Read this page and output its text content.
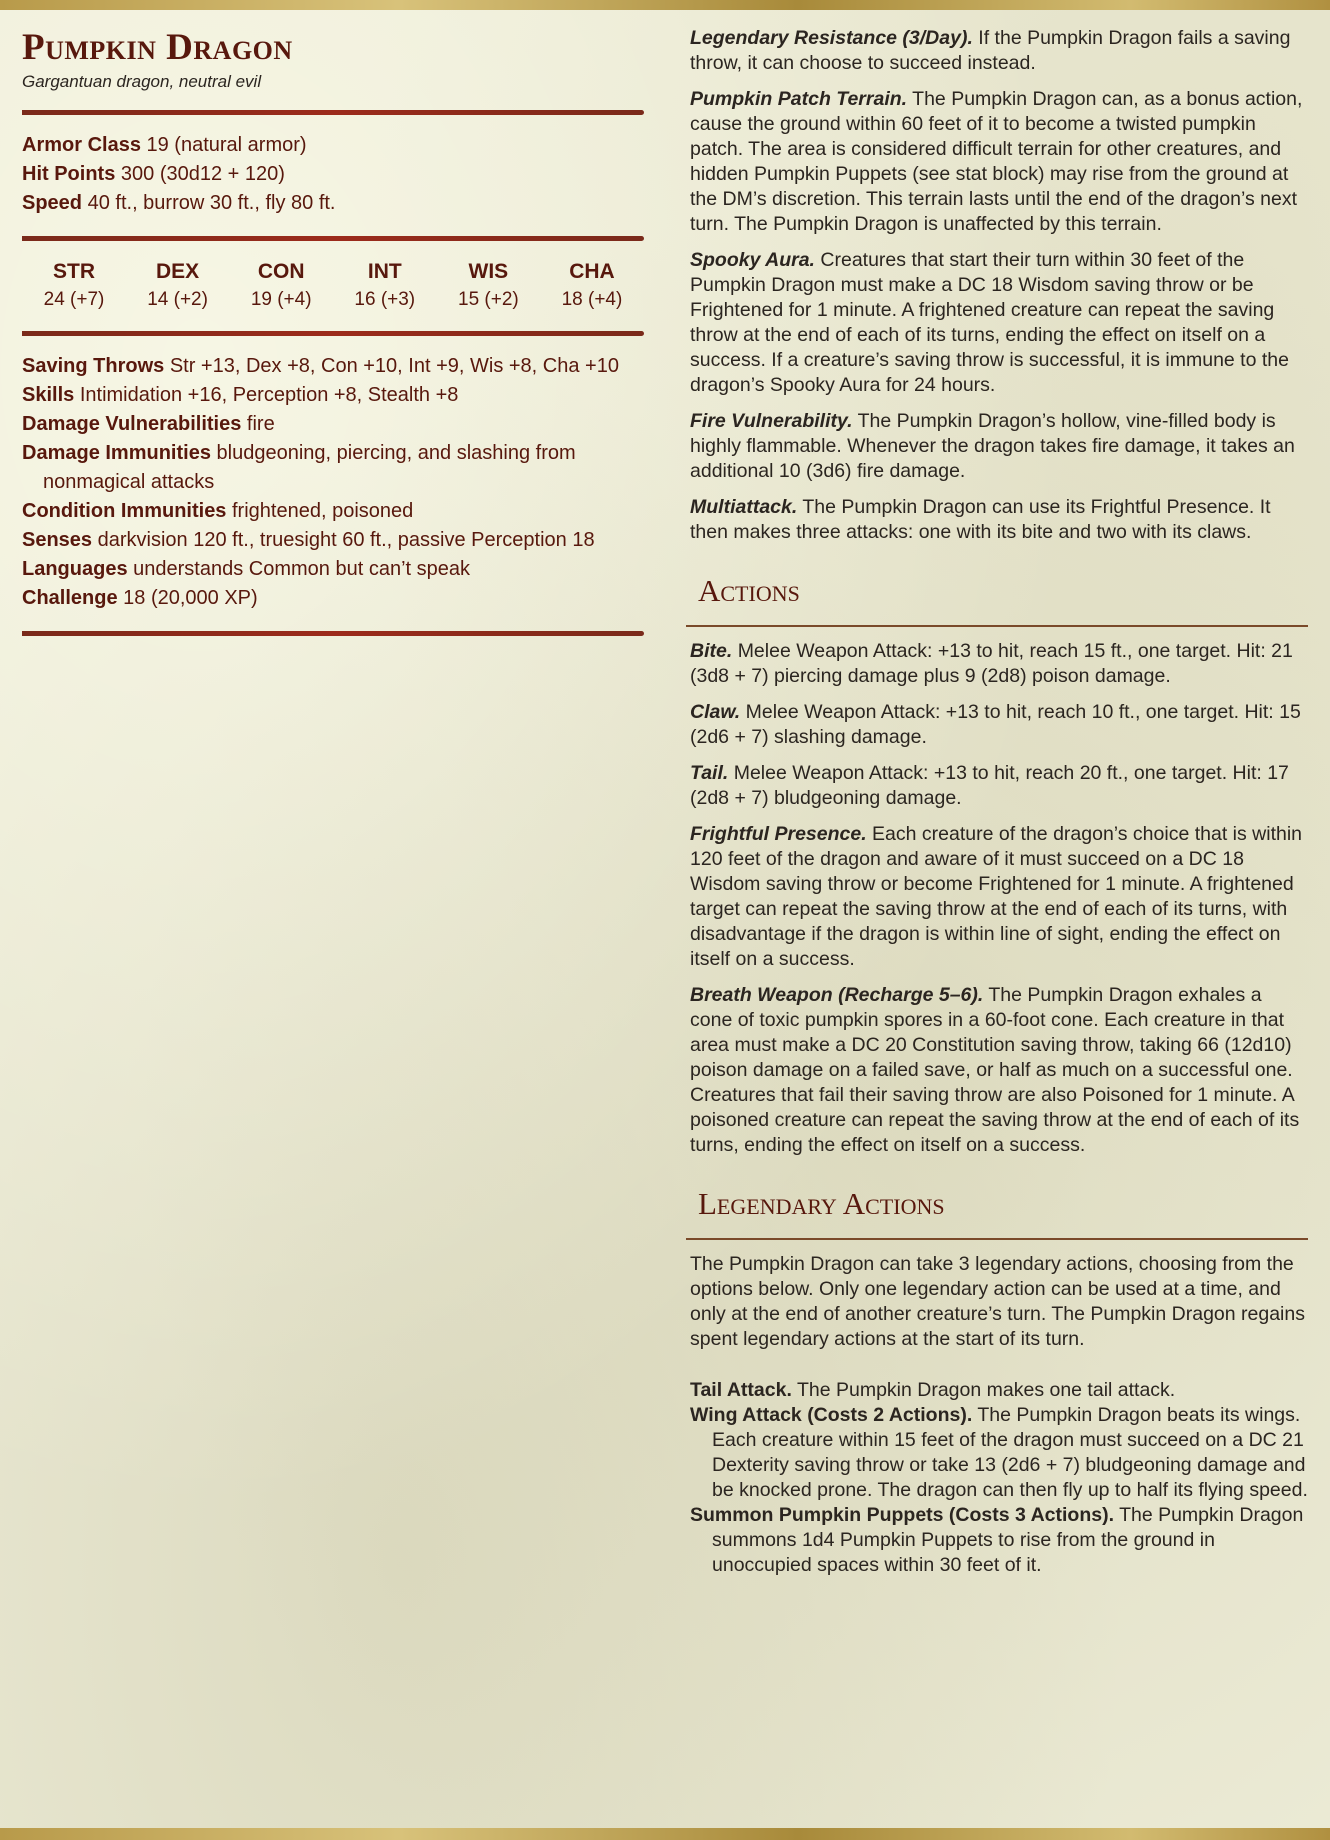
Pumpkin Dragon

Gargantuan dragon, neutral evil

Armor Class 19 (natural armor)
Hit Points 300 (30d12 + 120)
Speed 40 ft., burrow 30 ft., fly 80 ft.
STR
24 (+7)
DEX
14 (+2)
CON
19 (+4)
INT
16 (+3)
WIS
15 (+2)
CHA
18 (+4)
Saving Throws Str +13, Dex +8, Con +10, Int +9, Wis +8, Cha +10
Skills Intimidation +16, Perception +8, Stealth +8
Damage Vulnerabilities fire
Damage Immunities bludgeoning, piercing, and slashing from nonmagical attacks
Condition Immunities frightened, poisoned
Senses darkvision 120 ft., truesight 60 ft., passive Perception 18
Languages understands Common but can’t speak
Challenge 18 (20,000 XP)

Legendary Resistance (3/Day). If the Pumpkin Dragon fails a saving throw, it can choose to succeed instead.

Pumpkin Patch Terrain. The Pumpkin Dragon can, as a bonus action, cause the ground within 60 feet of it to become a twisted pumpkin patch. The area is considered difficult terrain for other creatures, and hidden Pumpkin Puppets (see stat block) may rise from the ground at the DM’s discretion. This terrain lasts until the end of the dragon’s next turn. The Pumpkin Dragon is unaffected by this terrain.

Spooky Aura. Creatures that start their turn within 30 feet of the Pumpkin Dragon must make a DC 18 Wisdom saving throw or be Frightened for 1 minute. A frightened creature can repeat the saving throw at the end of each of its turns, ending the effect on itself on a success. If a creature’s saving throw is successful, it is immune to the dragon’s Spooky Aura for 24 hours.

Fire Vulnerability. The Pumpkin Dragon’s hollow, vine-filled body is highly flammable. Whenever the dragon takes fire damage, it takes an additional 10 (3d6) fire damage.

Multiattack. The Pumpkin Dragon can use its Frightful Presence. It then makes three attacks: one with its bite and two with its claws.

Actions

Bite. Melee Weapon Attack: +13 to hit, reach 15 ft., one target. Hit: 21 (3d8 + 7) piercing damage plus 9 (2d8) poison damage.

Claw. Melee Weapon Attack: +13 to hit, reach 10 ft., one target. Hit: 15 (2d6 + 7) slashing damage.

Tail. Melee Weapon Attack: +13 to hit, reach 20 ft., one target. Hit: 17 (2d8 + 7) bludgeoning damage.

Frightful Presence. Each creature of the dragon’s choice that is within 120 feet of the dragon and aware of it must succeed on a DC 18 Wisdom saving throw or become Frightened for 1 minute. A frightened target can repeat the saving throw at the end of each of its turns, with disadvantage if the dragon is within line of sight, ending the effect on itself on a success.

Breath Weapon (Recharge 5–6). The Pumpkin Dragon exhales a cone of toxic pumpkin spores in a 60-foot cone. Each creature in that area must make a DC 20 Constitution saving throw, taking 66 (12d10) poison damage on a failed save, or half as much on a successful one. Creatures that fail their saving throw are also Poisoned for 1 minute. A poisoned creature can repeat the saving throw at the end of each of its turns, ending the effect on itself on a success.

Legendary Actions

The Pumpkin Dragon can take 3 legendary actions, choosing from the options below. Only one legendary action can be used at a time, and only at the end of another creature’s turn. The Pumpkin Dragon regains spent legendary actions at the start of its turn.

Tail Attack. The Pumpkin Dragon makes one tail attack.

Wing Attack (Costs 2 Actions). The Pumpkin Dragon beats its wings. Each creature within 15 feet of the dragon must succeed on a DC 21 Dexterity saving throw or take 13 (2d6 + 7) bludgeoning damage and be knocked prone. The dragon can then fly up to half its flying speed.

Summon Pumpkin Puppets (Costs 3 Actions). The Pumpkin Dragon summons 1d4 Pumpkin Puppets to rise from the ground in unoccupied spaces within 30 feet of it.
